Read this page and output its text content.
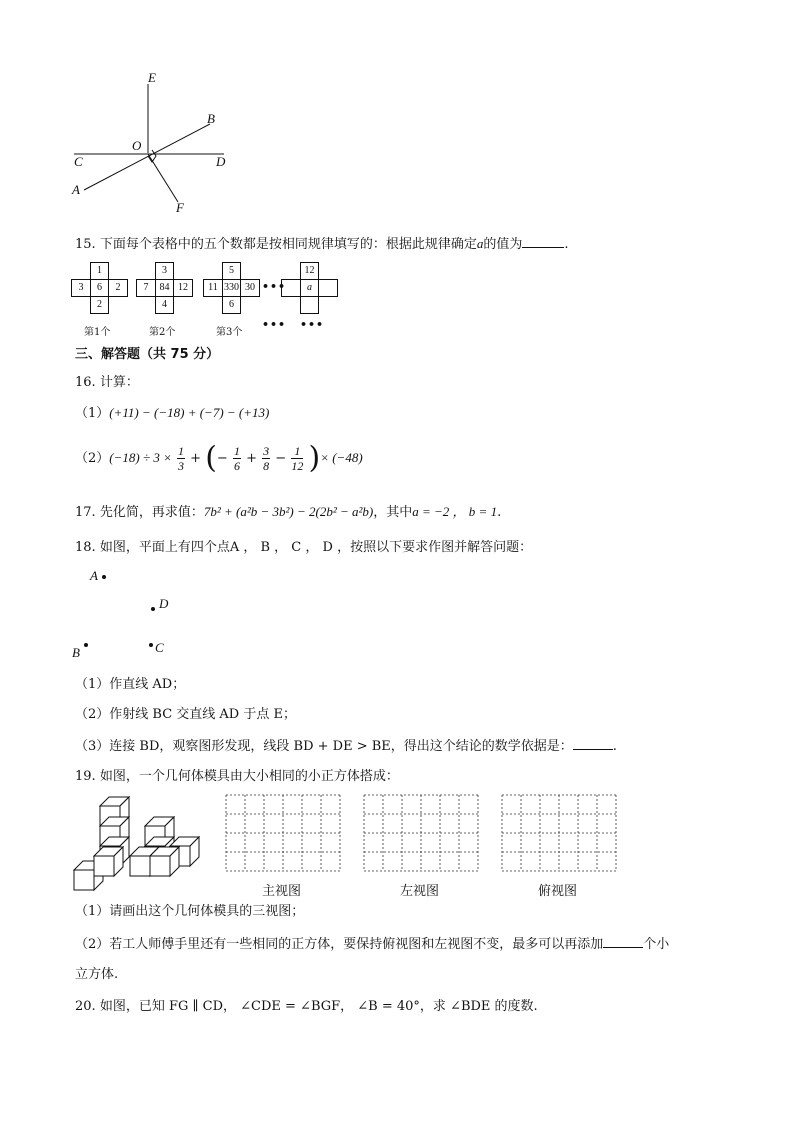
E
B
O
C	D
A
F
15. 下面每个表格中的五个数都是按相同规律填写的：根据此规律确定a的值为	.
1
3	6	2
2
第1个
3
7	84 12
4
第2个
5
11 330 30
6
第3个
•••
•••
12
a
•••
三、解答题（共 75 分）
16. 计算：
（1）(+11) − (−18) + (−7) − (+13)
$(2)(-18) \div 3 \times \frac{1}{3}$ + (− $\frac{1}{6} + \frac{3}{8} - \frac{1}{12}$ )× (−48)
17. 先化简，再求值：7b² + (a²b − 3b²) − 2(2b² − a²b)，其中a = −2 ， b = 1.
18. 如图，平面上有四个点A ， B ， C ， D ，按照以下要求作图并解答问题：
A
D
B	C
（1）作直线 AD；
（2）作射线 BC 交直线 AD 于点 E；
（3）连接 BD，观察图形发现，线段 BD + DE > BE，得出这个结论的数学依据是：	.
19. 如图，一个几何体模具由大小相同的小正方体搭成：
主视图	左视图	俯视图
（1）请画出这个几何体模具的三视图；
（2）若工人师傅手里还有一些相同的正方体，要保持俯视图和左视图不变，最多可以再添加	个小
立方体.
20. 如图，已知 FG ∥ CD， ∠CDE = ∠BGF， ∠B = 40°，求 ∠BDE 的度数.
